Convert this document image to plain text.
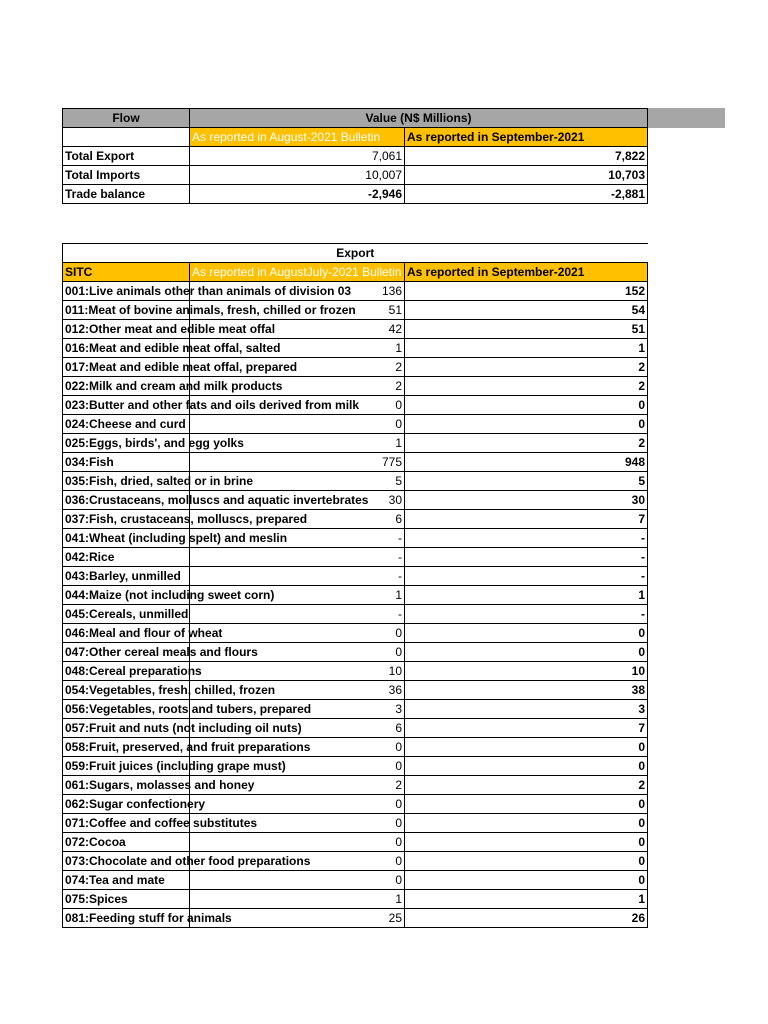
Flow	Value (N$ Millions)	
	As reported in August-2021 Bulletin	As reported in September-2021
Total Export	7,061	7,822
Total Imports	10,007	10,703
Trade balance	-2,946	-2,881
Export		
SITC	As reported in AugustJuly-2021 Bulletin	As reported in September-2021
001:Live animals other than animals of division 03	136	152
011:Meat of bovine animals, fresh, chilled or frozen	51	54
012:Other meat and edible meat offal	42	51
016:Meat and edible meat offal, salted	1	1
017:Meat and edible meat offal, prepared	2	2
022:Milk and cream and milk products	2	2
023:Butter and other fats and oils derived from milk	0	0
024:Cheese and curd	0	0
025:Eggs, birds', and egg yolks	1	2
034:Fish	775	948
035:Fish, dried, salted or in brine	5	5
036:Crustaceans, molluscs and aquatic invertebrates	30	30
037:Fish, crustaceans, molluscs, prepared	6	7
041:Wheat (including spelt) and meslin	-	-
042:Rice	-	-
043:Barley, unmilled	-	-
044:Maize (not including sweet corn)	1	1
045:Cereals, unmilled	-	-
046:Meal and flour of wheat	0	0
047:Other cereal meals and flours	0	0
048:Cereal preparations	10	10
054:Vegetables, fresh, chilled, frozen	36	38
056:Vegetables, roots and tubers, prepared	3	3
057:Fruit and nuts (not including oil nuts)	6	7
058:Fruit, preserved, and fruit preparations	0	0
059:Fruit juices (including grape must)	0	0
061:Sugars, molasses and honey	2	2
062:Sugar confectionery	0	0
071:Coffee and coffee substitutes	0	0
072:Cocoa	0	0
073:Chocolate and other food preparations	0	0
074:Tea and mate	0	0
075:Spices	1	1
081:Feeding stuff for animals	25	26
